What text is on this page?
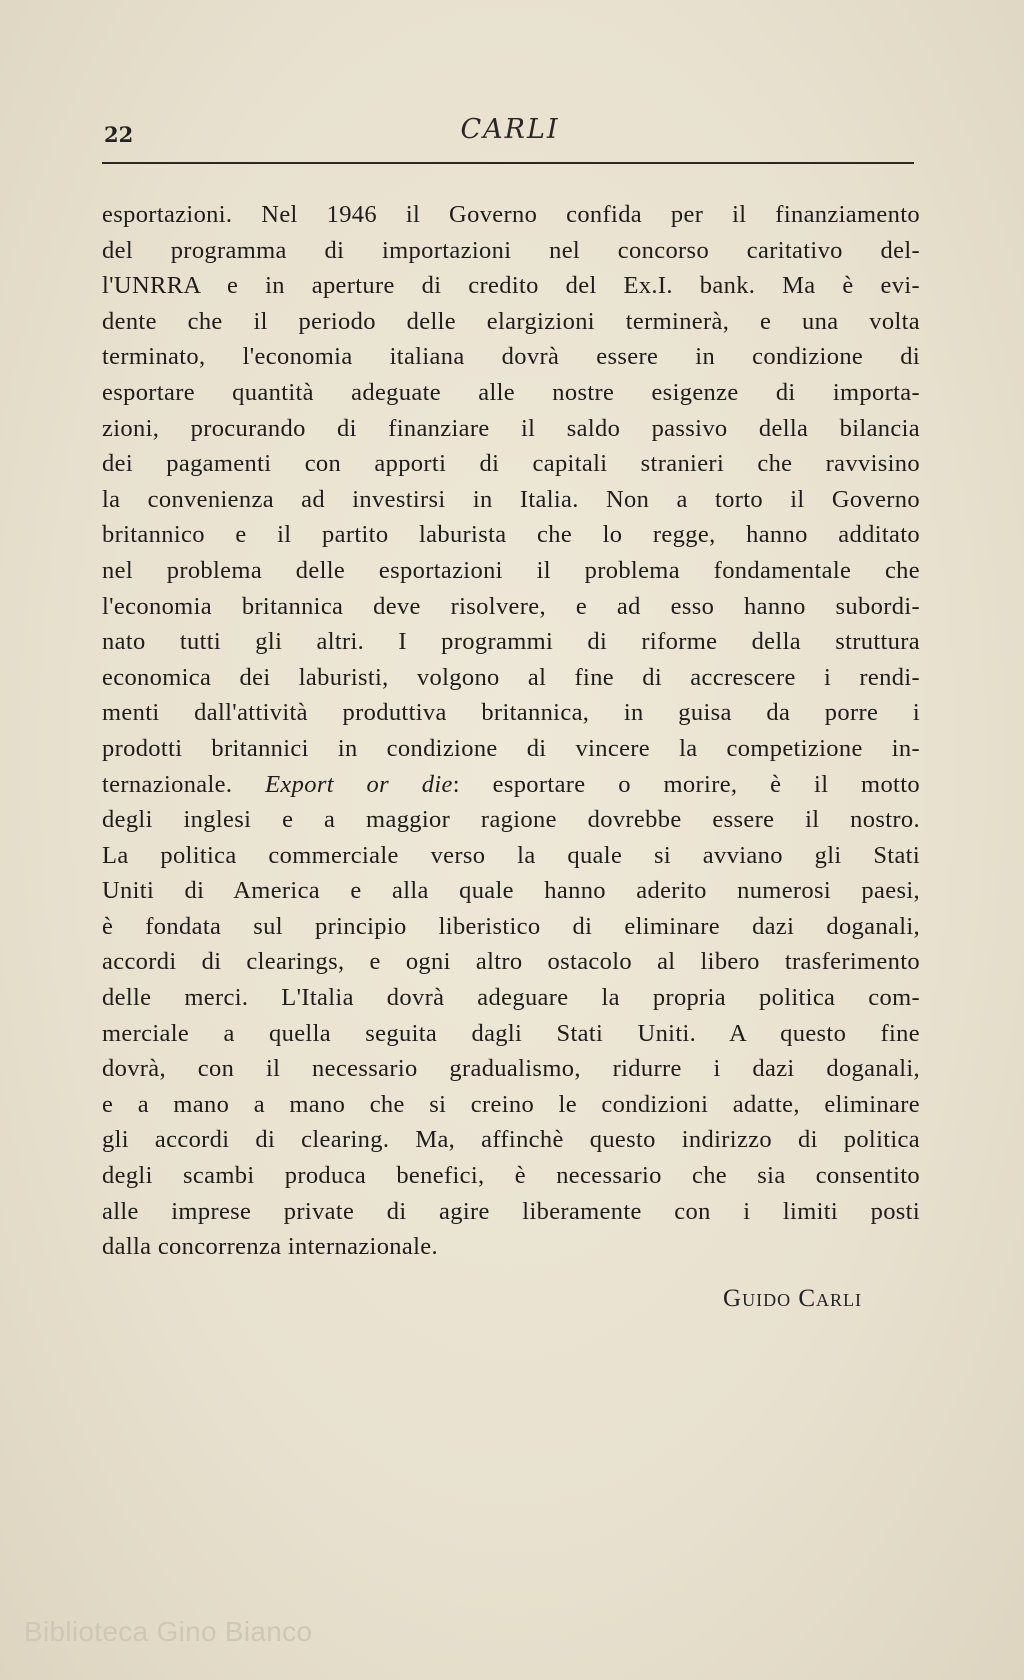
22	CARLI
esportazioni. Nel 1946 il Governo confida per il finanziamento
del programma di importazioni nel concorso caritativo del-
l'UNRRA e in aperture di credito del Ex.I. bank. Ma è evi-
dente che il periodo delle elargizioni terminerà, e una volta
terminato, l'economia italiana dovrà essere in condizione di
esportare quantità adeguate alle nostre esigenze di importa-
zioni, procurando di finanziare il saldo passivo della bilancia
dei pagamenti con apporti di capitali stranieri che ravvisino
la convenienza ad investirsi in Italia. Non a torto il Governo
britannico e il partito laburista che lo regge, hanno additato
nel problema delle esportazioni il problema fondamentale che
l'economia britannica deve risolvere, e ad esso hanno subordi-
nato tutti gli altri. I programmi di riforme della struttura
economica dei laburisti, volgono al fine di accrescere i rendi-
menti dall'attività produttiva britannica, in guisa da porre i
prodotti britannici in condizione di vincere la competizione in-
ternazionale. Export or die: esportare o morire, è il motto
degli inglesi e a maggior ragione dovrebbe essere il nostro.
La politica commerciale verso la quale si avviano gli Stati
Uniti di America e alla quale hanno aderito numerosi paesi,
è fondata sul principio liberistico di eliminare dazi doganali,
accordi di clearings, e ogni altro ostacolo al libero trasferimento
delle merci. L'Italia dovrà adeguare la propria politica com-
merciale a quella seguita dagli Stati Uniti. A questo fine
dovrà, con il necessario gradualismo, ridurre i dazi doganali,
e a mano a mano che si creino le condizioni adatte, eliminare
gli accordi di clearing. Ma, affinchè questo indirizzo di politica
degli scambi produca benefici, è necessario che sia consentito
alle imprese private di agire liberamente con i limiti posti
dalla concorrenza internazionale.
Guido Carli
Biblioteca Gino Bianco
